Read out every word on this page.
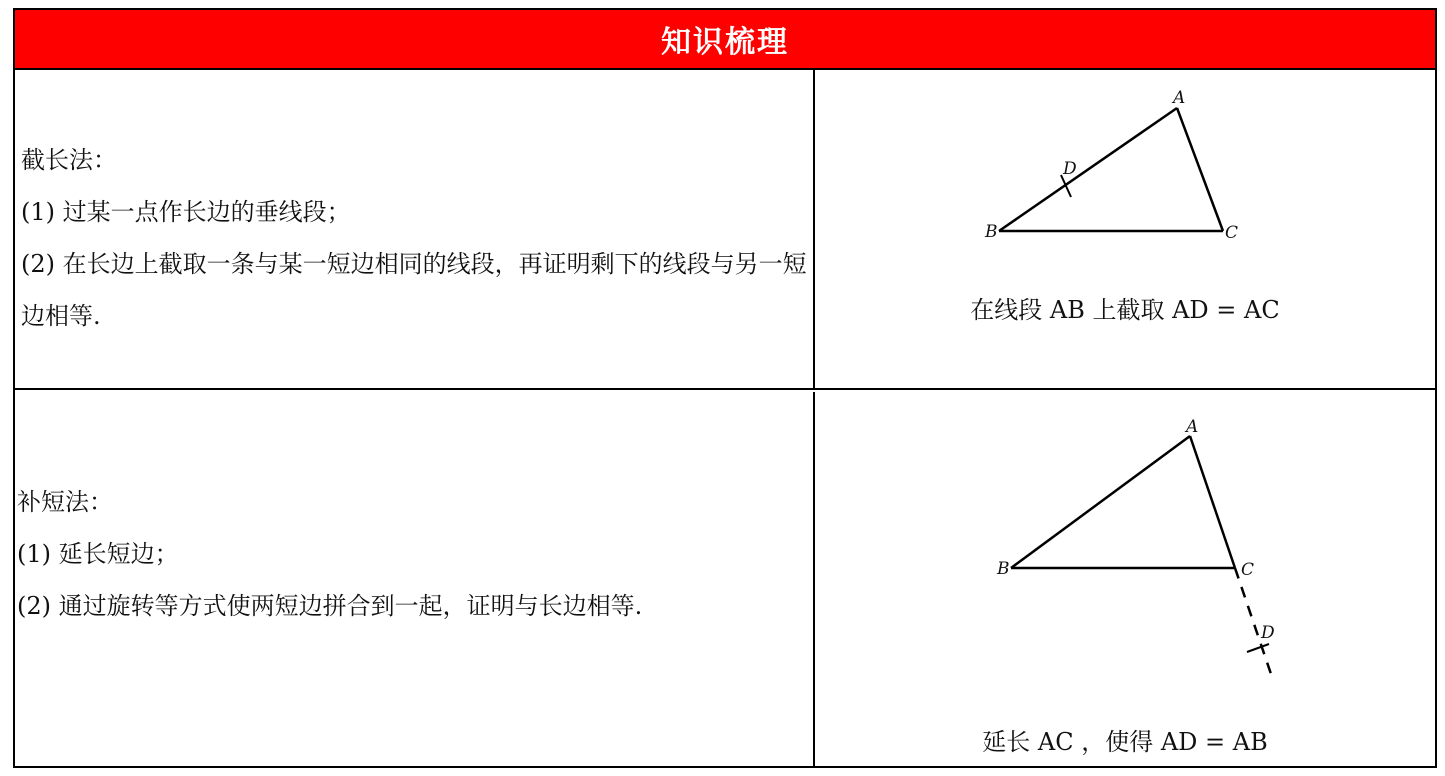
知识梳理

截长法：

(1) 过某一点作长边的垂线段；

(2) 在长边上截取一条与某一短边相同的线段，再证明剩下的线段与另一短边相等.

A
B	C
D
在线段 AB 上截取 AD = AC

补短法：

(1) 延长短边；

(2) 通过旋转等方式使两短边拼合到一起，证明与长边相等.

A
B	C
D
延长 AC ，使得 AD = AB
